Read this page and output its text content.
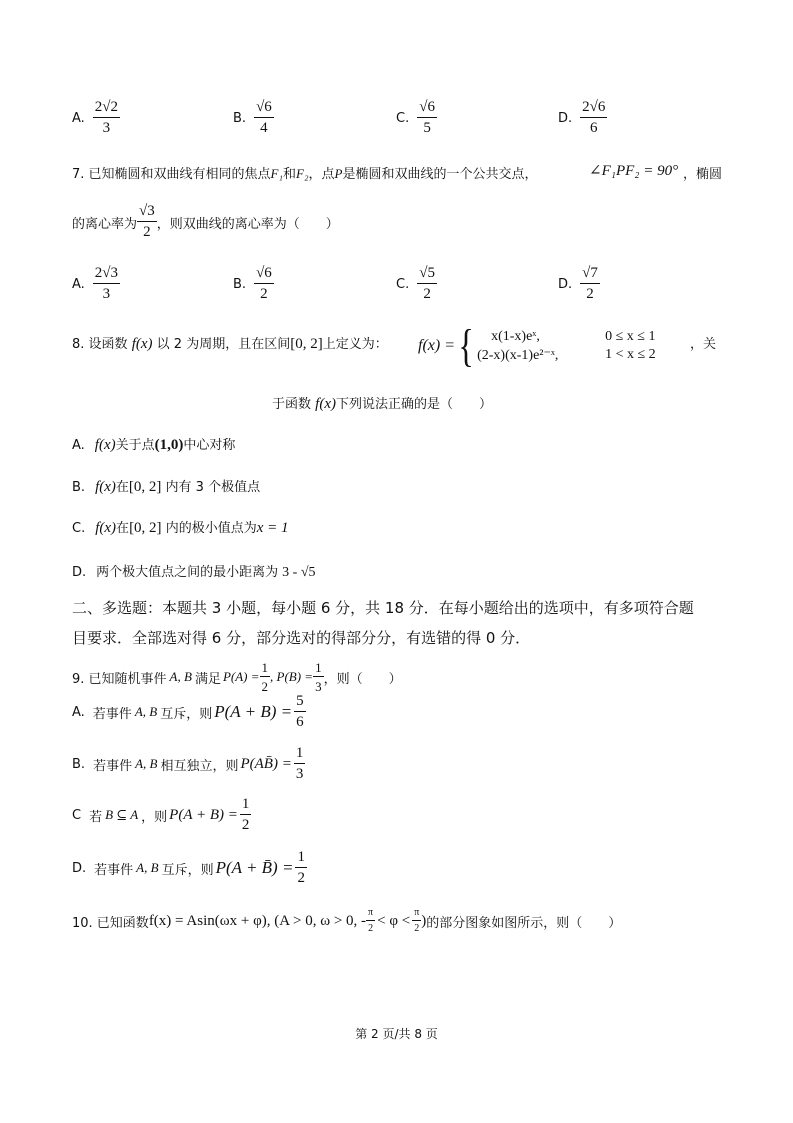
A. $\frac{2√2}{3}$	B. $\frac{√6}{4}$	C. $\frac{√6}{5}$	D. $\frac{2√6}{6}$
7. 已知椭圆和双曲线有相同的焦点F₁和F₂，点P是椭圆和双曲线的一个公共交点，	∠F₁PF₂ = 90° ，椭圆
的离心率为 $\frac{√3}{2}$ ，则双曲线的离心率为（　　）
A. $\frac{2√3}{3}$	B. $\frac{√6}{2}$	C. $\frac{√5}{2}$	D. $\frac{√7}{2}$
8. 设函数 f(x) 以 2 为周期，且在区间[0, 2]上定义为： f(x) = {	x(1-x)eˣ,	0 ≤ x ≤ 1
(2-x)(x-1)e²⁻ˣ,	1 < x ≤ 2
，关
于函数 f(x)下列说法正确的是（　　）
A. f(x)关于点(1,0)中心对称
B. f(x)在[0, 2] 内有 3 个极值点
C. f(x)在[0, 2] 内的极小值点为x = 1
D. 两个极大值点之间的最小距离为 3 - √5
二、多选题：本题共 3 小题，每小题 6 分，共 18 分．在每小题给出的选项中，有多项符合题
目要求．全部选对得 6 分，部分选对的得部分分，有选错的得 0 分．
9. 已知随机事件 A, B 满足 $P(A) = \frac{1}{2}$ , $P(B) = \frac{1}{3}$ ，则（　　）
A. 若事件 A, B 互斥，则 $P(A + B) = \frac{5}{6}$
B. 若事件 A, B 相互独立，则 P(AB̄) = $\frac{1}{3}$
C 若 B ⊆ A ，则 $P(A + B) = \frac{1}{2}$
D. 若事件 A, B 互斥，则 P(A + B̄) = $\frac{1}{2}$
10. 已知函数 f(x) = Asin(ωx + φ), (A > 0, ω > 0, - $\frac{\pi}{2} < \varphi < \frac{\pi}{2}$ ) 的部分图象如图所示，则（　　）
第 2 页/共 8 页
